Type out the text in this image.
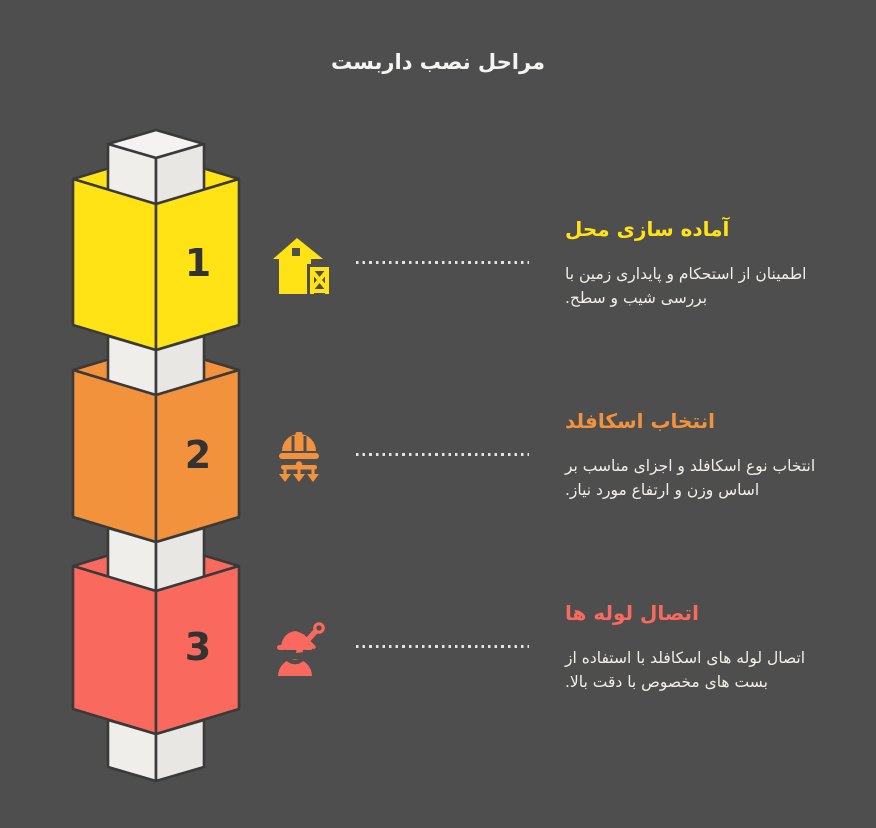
مراحل نصب داربست
1
2
3
آماده سازی محل

اطمینان از استحکام و پایداری زمین با بررسی شیب و سطح.

انتخاب اسکافلد

انتخاب نوع اسکافلد و اجزای مناسب بر اساس وزن و ارتفاع مورد نیاز.

اتصال لوله ها

اتصال لوله های اسکافلد با استفاده از بست های مخصوص با دقت بالا.
